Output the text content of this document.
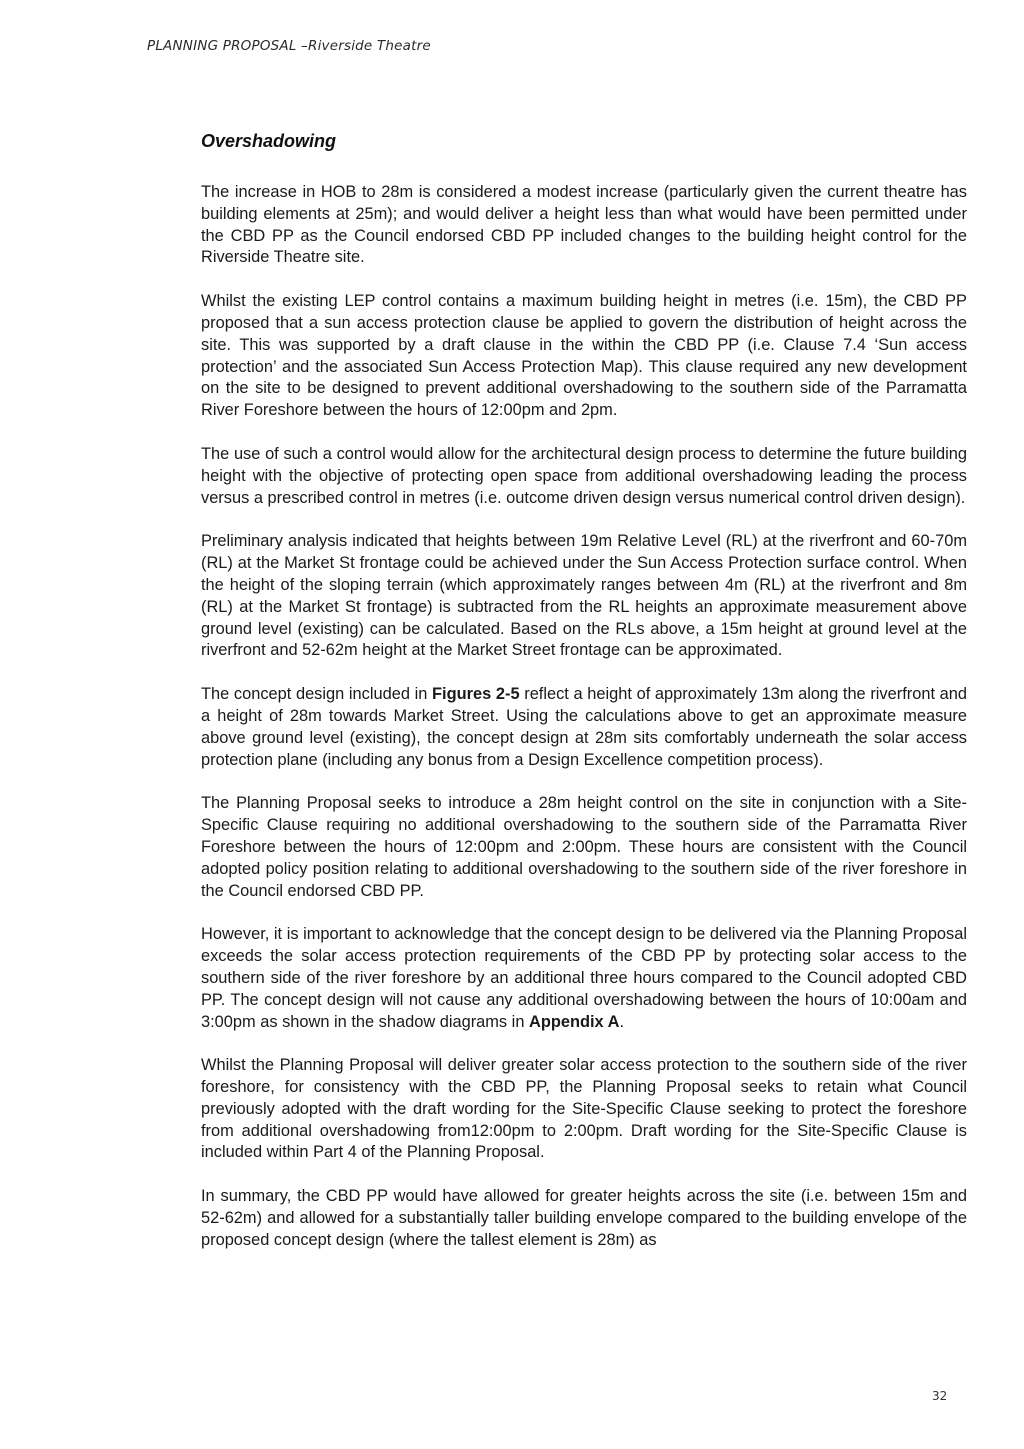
PLANNING PROPOSAL –Riverside Theatre
Overshadowing

The increase in HOB to 28m is considered a modest increase (particularly given the current theatre has building elements at 25m); and would deliver a height less than what would have been permitted under the CBD PP as the Council endorsed CBD PP included changes to the building height control for the Riverside Theatre site.

Whilst the existing LEP control contains a maximum building height in metres (i.e. 15m), the CBD PP proposed that a sun access protection clause be applied to govern the distribution of height across the site. This was supported by a draft clause in the within the CBD PP (i.e. Clause 7.4 ‘Sun access protection’ and the associated Sun Access Protection Map). This clause required any new development on the site to be designed to prevent additional overshadowing to the southern side of the Parramatta River Foreshore between the hours of 12:00pm and 2pm.

The use of such a control would allow for the architectural design process to determine the future building height with the objective of protecting open space from additional overshadowing leading the process versus a prescribed control in metres (i.e. outcome driven design versus numerical control driven design).

Preliminary analysis indicated that heights between 19m Relative Level (RL) at the riverfront and 60-70m (RL) at the Market St frontage could be achieved under the Sun Access Protection surface control. When the height of the sloping terrain (which approximately ranges between 4m (RL) at the riverfront and 8m (RL) at the Market St frontage) is subtracted from the RL heights an approximate measurement above ground level (existing) can be calculated. Based on the RLs above, a 15m height at ground level at the riverfront and 52-62m height at the Market Street frontage can be approximated.

The concept design included in Figures 2-5 reflect a height of approximately 13m along the riverfront and a height of 28m towards Market Street. Using the calculations above to get an approximate measure above ground level (existing), the concept design at 28m sits comfortably underneath the solar access protection plane (including any bonus from a Design Excellence competition process).

The Planning Proposal seeks to introduce a 28m height control on the site in conjunction with a Site-Specific Clause requiring no additional overshadowing to the southern side of the Parramatta River Foreshore between the hours of 12:00pm and 2:00pm. These hours are consistent with the Council adopted policy position relating to additional overshadowing to the southern side of the river foreshore in the Council endorsed CBD PP.

However, it is important to acknowledge that the concept design to be delivered via the Planning Proposal exceeds the solar access protection requirements of the CBD PP by protecting solar access to the southern side of the river foreshore by an additional three hours compared to the Council adopted CBD PP. The concept design will not cause any additional overshadowing between the hours of 10:00am and 3:00pm as shown in the shadow diagrams in Appendix A.

Whilst the Planning Proposal will deliver greater solar access protection to the southern side of the river foreshore, for consistency with the CBD PP, the Planning Proposal seeks to retain what Council previously adopted with the draft wording for the Site-Specific Clause seeking to protect the foreshore from additional overshadowing from12:00pm to 2:00pm. Draft wording for the Site-Specific Clause is included within Part 4 of the Planning Proposal.

In summary, the CBD PP would have allowed for greater heights across the site (i.e. between 15m and 52-62m) and allowed for a substantially taller building envelope compared to the building envelope of the proposed concept design (where the tallest element is 28m) as

32
